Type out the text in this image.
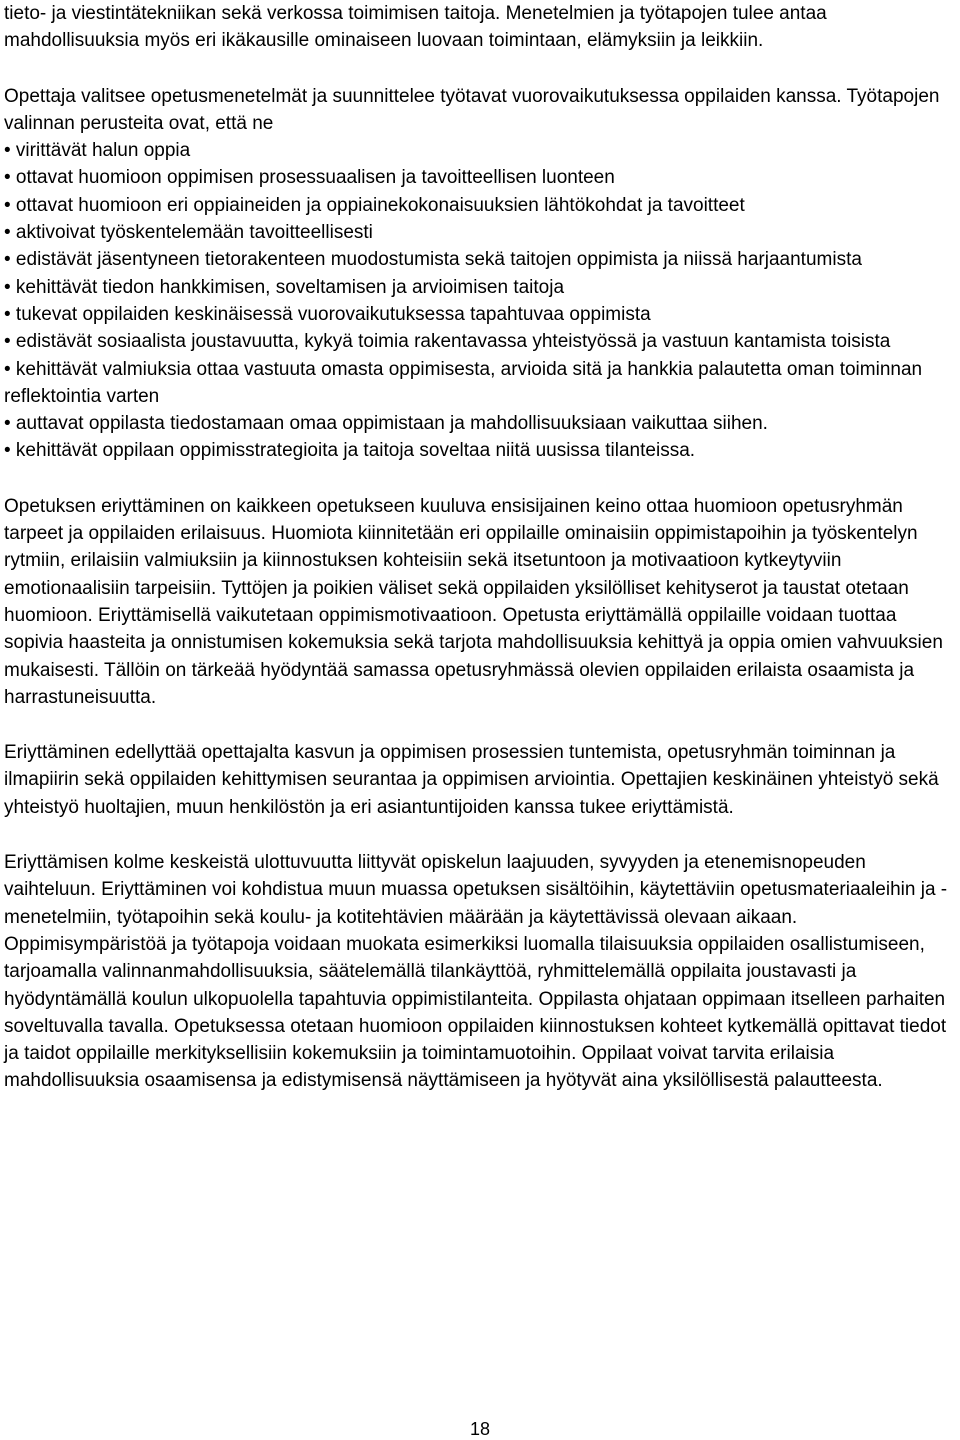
tieto- ja viestintätekniikan sekä verkossa toimimisen taitoja. Menetelmien ja työtapojen tulee antaa mahdollisuuksia myös eri ikäkausille ominaiseen luovaan toimintaan, elämyksiin ja leikkiin.

Opettaja valitsee opetusmenetelmät ja suunnittelee työtavat vuorovaikutuksessa oppilaiden kanssa. Työtapojen valinnan perusteita ovat, että ne

• virittävät halun oppia
• ottavat huomioon oppimisen prosessuaalisen ja tavoitteellisen luonteen
• ottavat huomioon eri oppiaineiden ja oppiainekokonaisuuksien lähtökohdat ja tavoitteet
• aktivoivat työskentelemään tavoitteellisesti
• edistävät jäsentyneen tietorakenteen muodostumista sekä taitojen oppimista ja niissä harjaantumista
• kehittävät tiedon hankkimisen, soveltamisen ja arvioimisen taitoja
• tukevat oppilaiden keskinäisessä vuorovaikutuksessa tapahtuvaa oppimista
• edistävät sosiaalista joustavuutta, kykyä toimia rakentavassa yhteistyössä ja vastuun kantamista toisista
• kehittävät valmiuksia ottaa vastuuta omasta oppimisesta, arvioida sitä ja hankkia palautetta oman toiminnan reflektointia varten
• auttavat oppilasta tiedostamaan omaa oppimistaan ja mahdollisuuksiaan vaikuttaa siihen.
• kehittävät oppilaan oppimisstrategioita ja taitoja soveltaa niitä uusissa tilanteissa.

Opetuksen eriyttäminen on kaikkeen opetukseen kuuluva ensisijainen keino ottaa huomioon opetusryhmän tarpeet ja oppilaiden erilaisuus. Huomiota kiinnitetään eri oppilaille ominaisiin oppimistapoihin ja työskentelyn rytmiin, erilaisiin valmiuksiin ja kiinnostuksen kohteisiin sekä itsetuntoon ja motivaatioon kytkeytyviin emotionaalisiin tarpeisiin. Tyttöjen ja poikien väliset sekä oppilaiden yksilölliset kehityserot ja taustat otetaan huomioon. Eriyttämisellä vaikutetaan oppimismotivaatioon. Opetusta eriyttämällä oppilaille voidaan tuottaa sopivia haasteita ja onnistumisen kokemuksia sekä tarjota mahdollisuuksia kehittyä ja oppia omien vahvuuksien mukaisesti. Tällöin on tärkeää hyödyntää samassa opetusryhmässä olevien oppilaiden erilaista osaamista ja harrastuneisuutta.

Eriyttäminen edellyttää opettajalta kasvun ja oppimisen prosessien tuntemista, opetusryhmän toiminnan ja ilmapiirin sekä oppilaiden kehittymisen seurantaa ja oppimisen arviointia. Opettajien keskinäinen yhteistyö sekä yhteistyö huoltajien, muun henkilöstön ja eri asiantuntijoiden kanssa tukee eriyttämistä.

Eriyttämisen kolme keskeistä ulottuvuutta liittyvät opiskelun laajuuden, syvyyden ja etenemisnopeuden vaihteluun. Eriyttäminen voi kohdistua muun muassa opetuksen sisältöihin, käytettäviin opetusmateriaaleihin ja -menetelmiin, työtapoihin sekä koulu- ja kotitehtävien määrään ja käytettävissä olevaan aikaan. Oppimisympäristöä ja työtapoja voidaan muokata esimerkiksi luomalla tilaisuuksia oppilaiden osallistumiseen, tarjoamalla valinnanmahdollisuuksia, säätelemällä tilankäyttöä, ryhmittelemällä oppilaita joustavasti ja hyödyntämällä koulun ulkopuolella tapahtuvia oppimistilanteita. Oppilasta ohjataan oppimaan itselleen parhaiten soveltuvalla tavalla. Opetuksessa otetaan huomioon oppilaiden kiinnostuksen kohteet kytkemällä opittavat tiedot ja taidot oppilaille merkityksellisiin kokemuksiin ja toimintamuotoihin. Oppilaat voivat tarvita erilaisia mahdollisuuksia osaamisensa ja edistymisensä näyttämiseen ja hyötyvät aina yksilöllisestä palautteesta.

18
